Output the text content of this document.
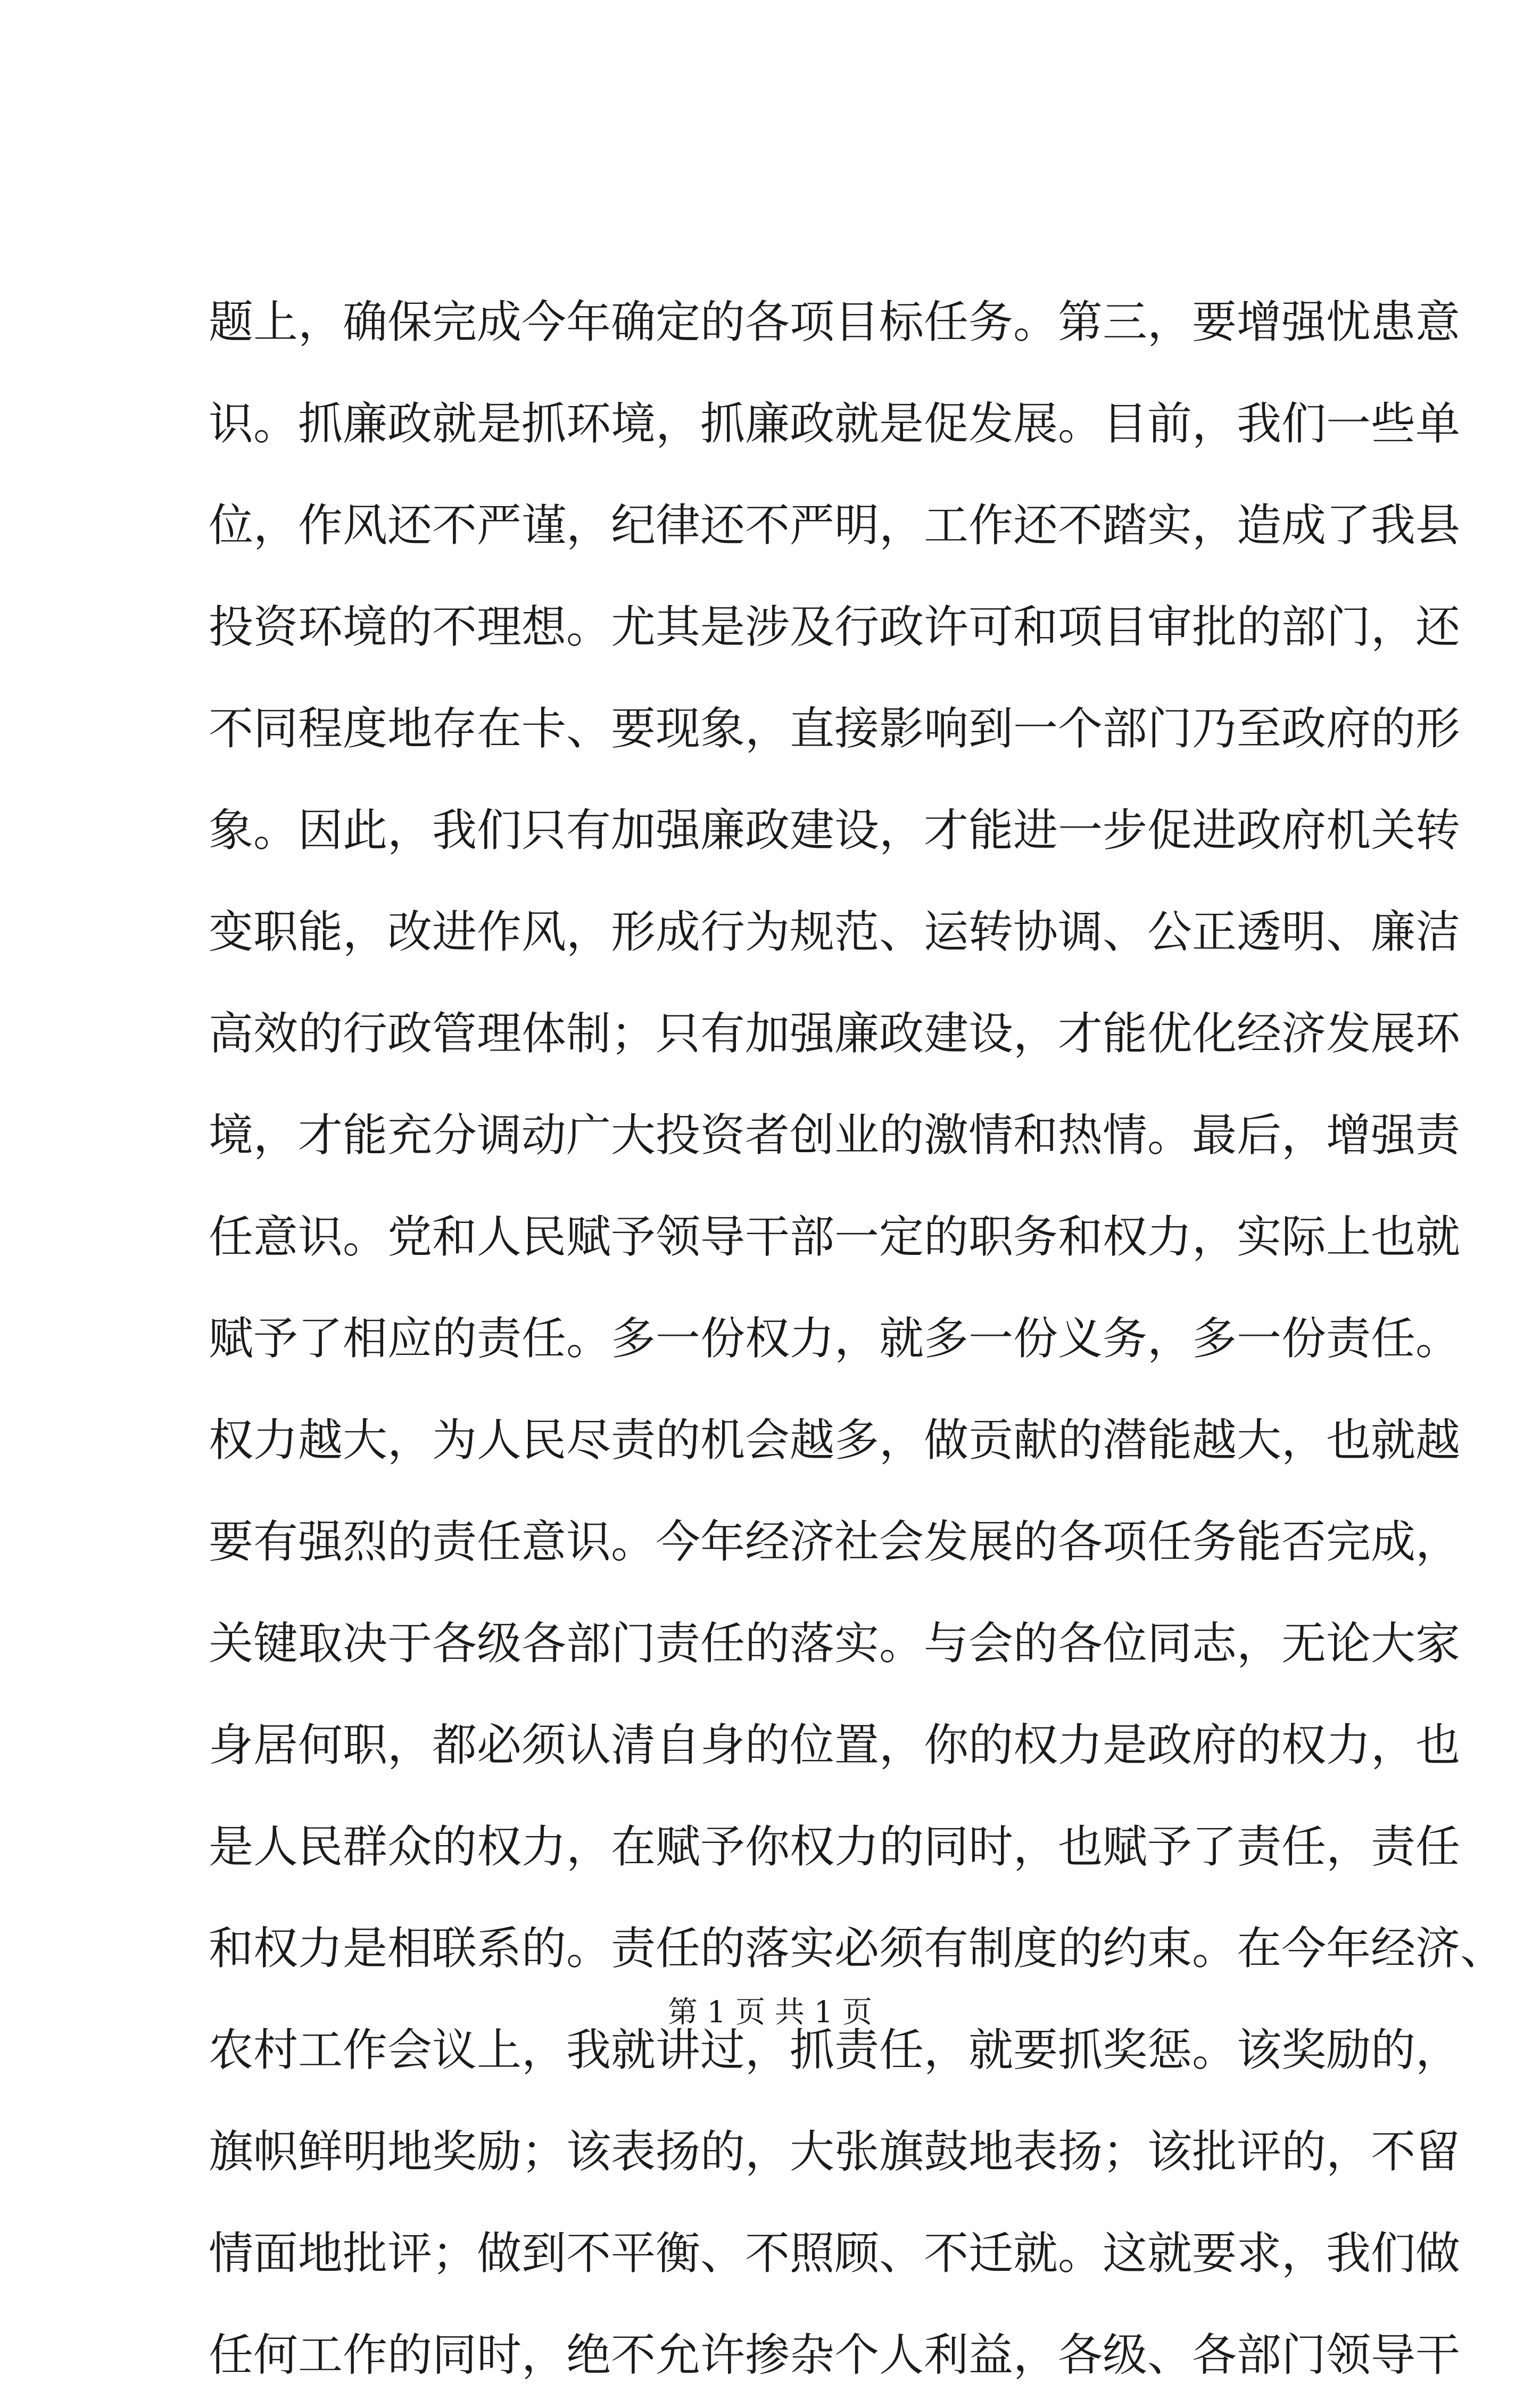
题上，确保完成今年确定的各项目标任务。第三，要增强忧患意
识。抓廉政就是抓环境，抓廉政就是促发展。目前，我们一些单
位，作风还不严谨，纪律还不严明，工作还不踏实，造成了我县
投资环境的不理想。尤其是涉及行政许可和项目审批的部门，还
不同程度地存在卡、要现象，直接影响到一个部门乃至政府的形
象。因此，我们只有加强廉政建设，才能进一步促进政府机关转
变职能，改进作风，形成行为规范、运转协调、公正透明、廉洁
高效的行政管理体制；只有加强廉政建设，才能优化经济发展环
境，才能充分调动广大投资者创业的激情和热情。最后，增强责
任意识。党和人民赋予领导干部一定的职务和权力，实际上也就
赋予了相应的责任。多一份权力，就多一份义务，多一份责任。
权力越大，为人民尽责的机会越多，做贡献的潜能越大，也就越
要有强烈的责任意识。今年经济社会发展的各项任务能否完成，
关键取决于各级各部门责任的落实。与会的各位同志，无论大家
身居何职，都必须认清自身的位置，你的权力是政府的权力，也
是人民群众的权力，在赋予你权力的同时，也赋予了责任，责任
和权力是相联系的。责任的落实必须有制度的约束。在今年经济、
农村工作会议上，我就讲过，抓责任，就要抓奖惩。该奖励的，
旗帜鲜明地奖励；该表扬的，大张旗鼓地表扬；该批评的，不留
情面地批评；做到不平衡、不照顾、不迁就。这就要求，我们做
任何工作的同时，绝不允许掺杂个人利益，各级、各部门领导干
第 1 页 共 1 页
